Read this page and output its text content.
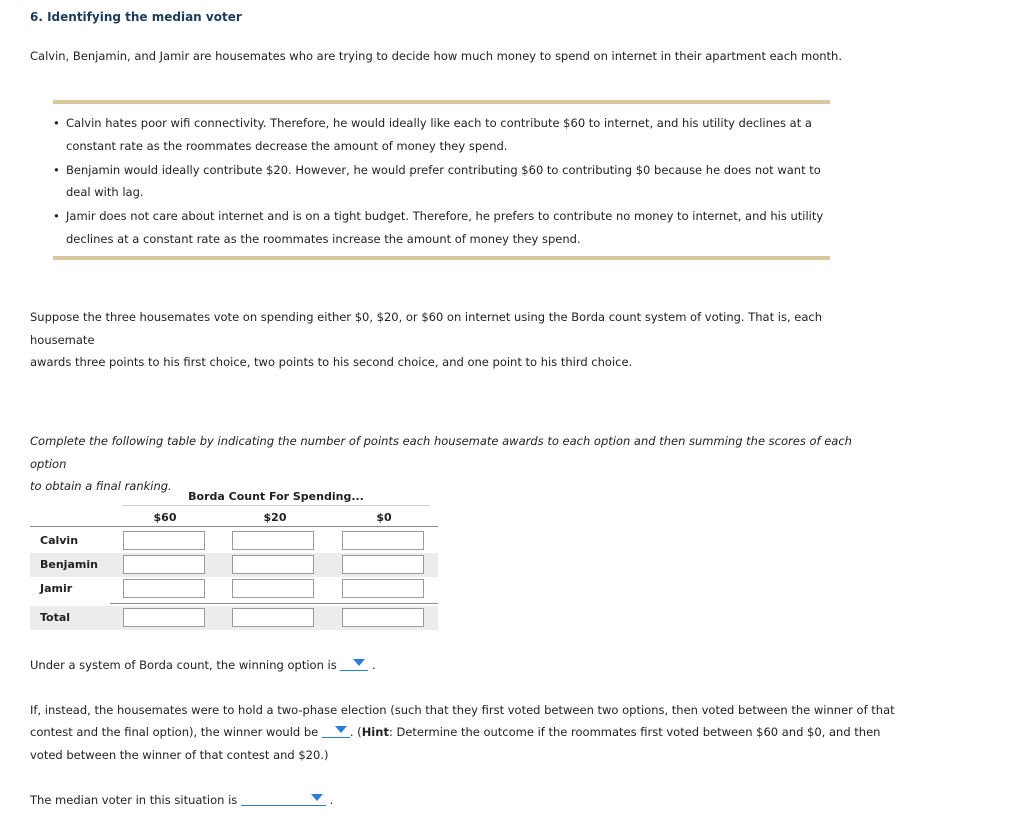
6. Identifying the median voter
Calvin, Benjamin, and Jamir are housemates who are trying to decide how much money to spend on internet in their apartment each month.
• Calvin hates poor wifi connectivity. Therefore, he would ideally like each to contribute $60 to internet, and his utility declines at a
constant rate as the roommates decrease the amount of money they spend.
• Benjamin would ideally contribute $20. However, he would prefer contributing $60 to contributing $0 because he does not want to
deal with lag.
• Jamir does not care about internet and is on a tight budget. Therefore, he prefers to contribute no money to internet, and his utility
declines at a constant rate as the roommates increase the amount of money they spend.
Suppose the three housemates vote on spending either $0, $20, or $60 on internet using the Borda count system of voting. That is, each housemate
awards three points to his first choice, two points to his second choice, and one point to his third choice.
Complete the following table by indicating the number of points each housemate awards to each option and then summing the scores of each option
to obtain a final ranking.
Borda Count For Spending...
$60	$20	$0
Calvin
Benjamin
Jamir
Total
Under a system of Borda count, the winning option is	.
If, instead, the housemates were to hold a two-phase election (such that they first voted between two options, then voted between the winner of that
contest and the final option), the winner would be	. (Hint: Determine the outcome if the roommates first voted between $60 and $0, and then
voted between the winner of that contest and $20.)
The median voter in this situation is	.
